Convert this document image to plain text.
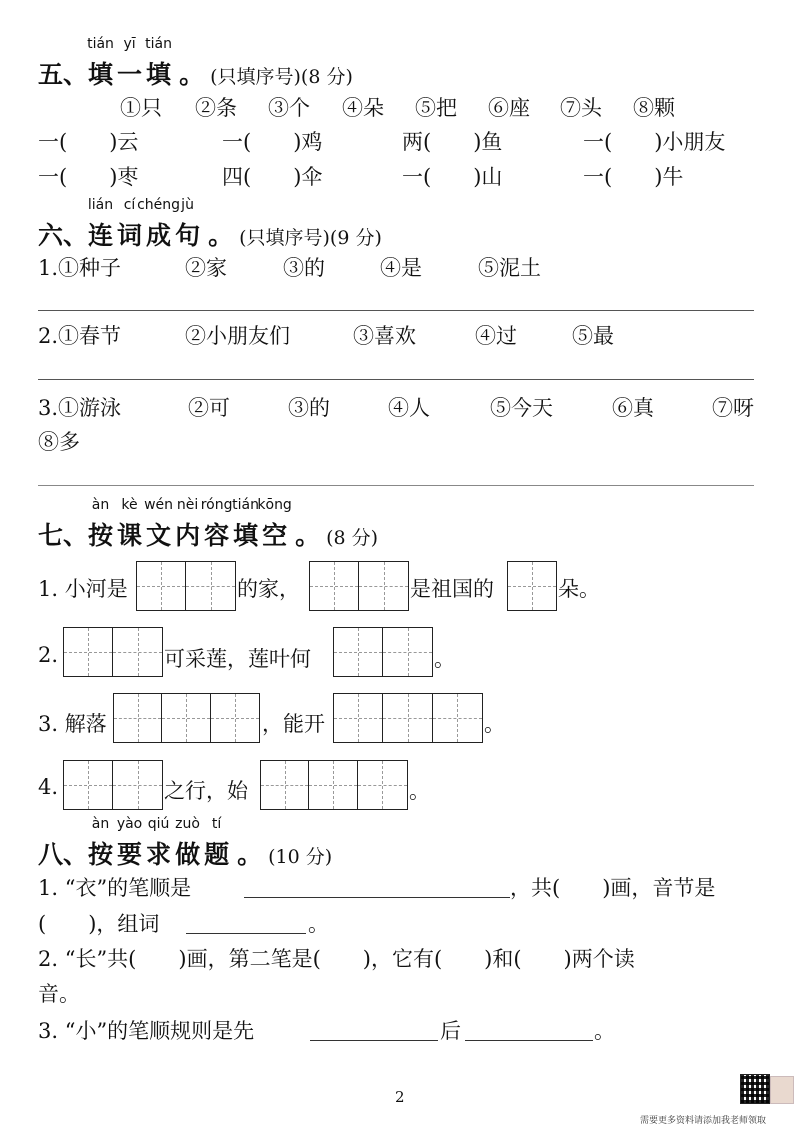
五、
tián
填
yī
一
tián
填 。 (只填序号)(8 分)
①只 ②条 ③个 ④朵 ⑤把 ⑥座 ⑦头 ⑧颗
一(　　)云	一(　　)鸡	两(　　)鱼	一(　　)小朋友
一(　　)枣	四(　　)伞	一(　　)山	一(　　)牛
六、
lián
连
cí
词
chéng
成
jù
句 。 (只填序号)(9 分)
1.①种子	②家	③的	④是	⑤泥土
2.①春节	②小朋友们	③喜欢	④过	⑤最
3.①游泳	②可	③的	④人	⑤今天	⑥真	⑦呀
⑧多
七、
àn
按
kè
课
wén
文
nèi
内
róng
容
tián
填
kōng
空 。 (8 分)
1. 小河是	的家，	是祖国的	朵。
2.	可采莲，莲叶何	。
3. 解落	，能开	。
4.	之行，始	。
八、
àn
按
yào
要
qiú
求
zuò
做
tí
题 。 (10 分)
1. “衣”的笔顺是	，共(　　)画，音节是
(　　)，组词	。
2. “长”共(　　)画，第二笔是(　　)，它有(　　)和(　　)两个读
音。
3. “小”的笔顺规则是先	后	。
2
需要更多资料请添加我老师领取
